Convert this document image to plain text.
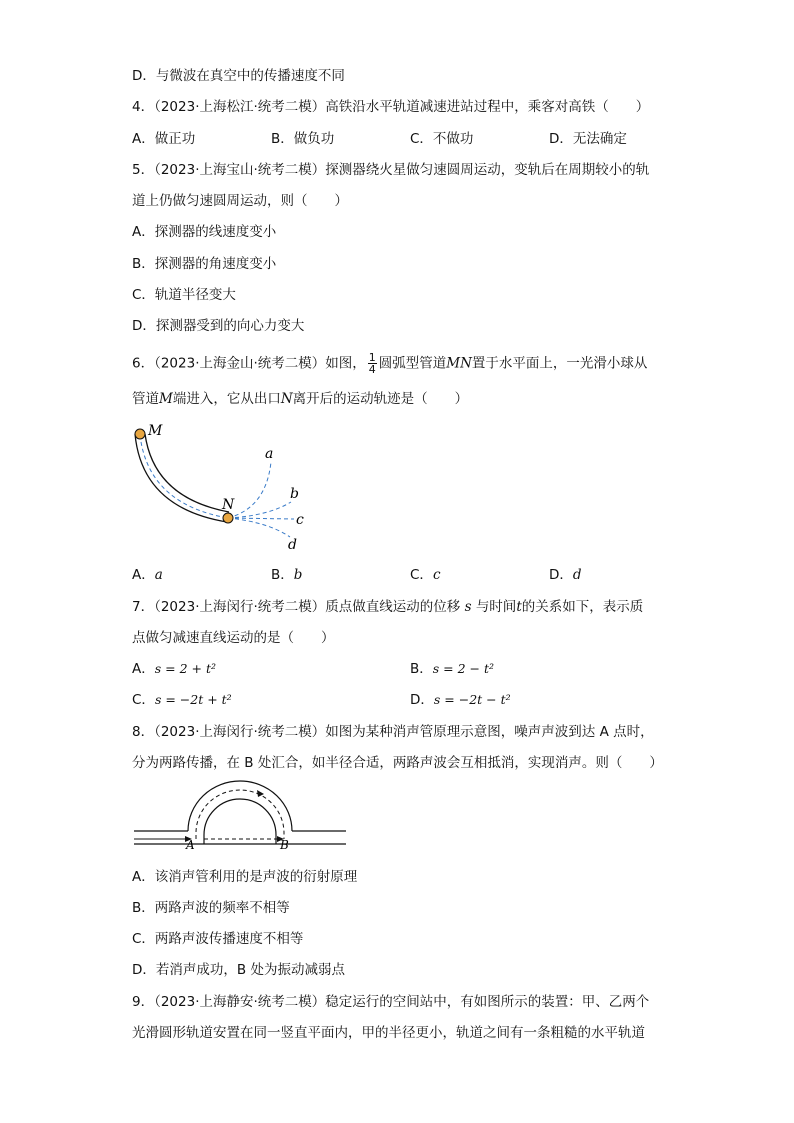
D．与微波在真空中的传播速度不同
4．（2023·上海松江·统考二模）高铁沿水平轨道减速进站过程中，乘客对高铁（　　）
A．做正功	B．做负功	C．不做功	D．无法确定
5．（2023·上海宝山·统考二模）探测器绕火星做匀速圆周运动，变轨后在周期较小的轨
道上仍做匀速圆周运动，则（　　）
A．探测器的线速度变小
B．探测器的角速度变小
C．轨道半径变大
D．探测器受到的向心力变大
6．（2023·上海金山·统考二模）如图， $\frac{1}{4}$ 圆弧型管道MN置于水平面上，一光滑小球从
管道M端进入，它从出口N离开后的运动轨迹是（　　）
M
N
a
b
c
d
A．a	B．b	C．c	D．d
7．（2023·上海闵行·统考二模）质点做直线运动的位移 s 与时间t的关系如下，表示质
点做匀减速直线运动的是（　　）
A．s = 2 + t²	B．s = 2 − t²
C．s = −2t + t²	D．s = −2t − t²
8．（2023·上海闵行·统考二模）如图为某种消声管原理示意图，噪声声波到达 A 点时，
分为两路传播，在 B 处汇合，如半径合适，两路声波会互相抵消，实现消声。则（　　）
A	B
A．该消声管利用的是声波的衍射原理
B．两路声波的频率不相等
C．两路声波传播速度不相等
D．若消声成功，B 处为振动减弱点
9．（2023·上海静安·统考二模）稳定运行的空间站中，有如图所示的装置：甲、乙两个
光滑圆形轨道安置在同一竖直平面内，甲的半径更小，轨道之间有一条粗糙的水平轨道
